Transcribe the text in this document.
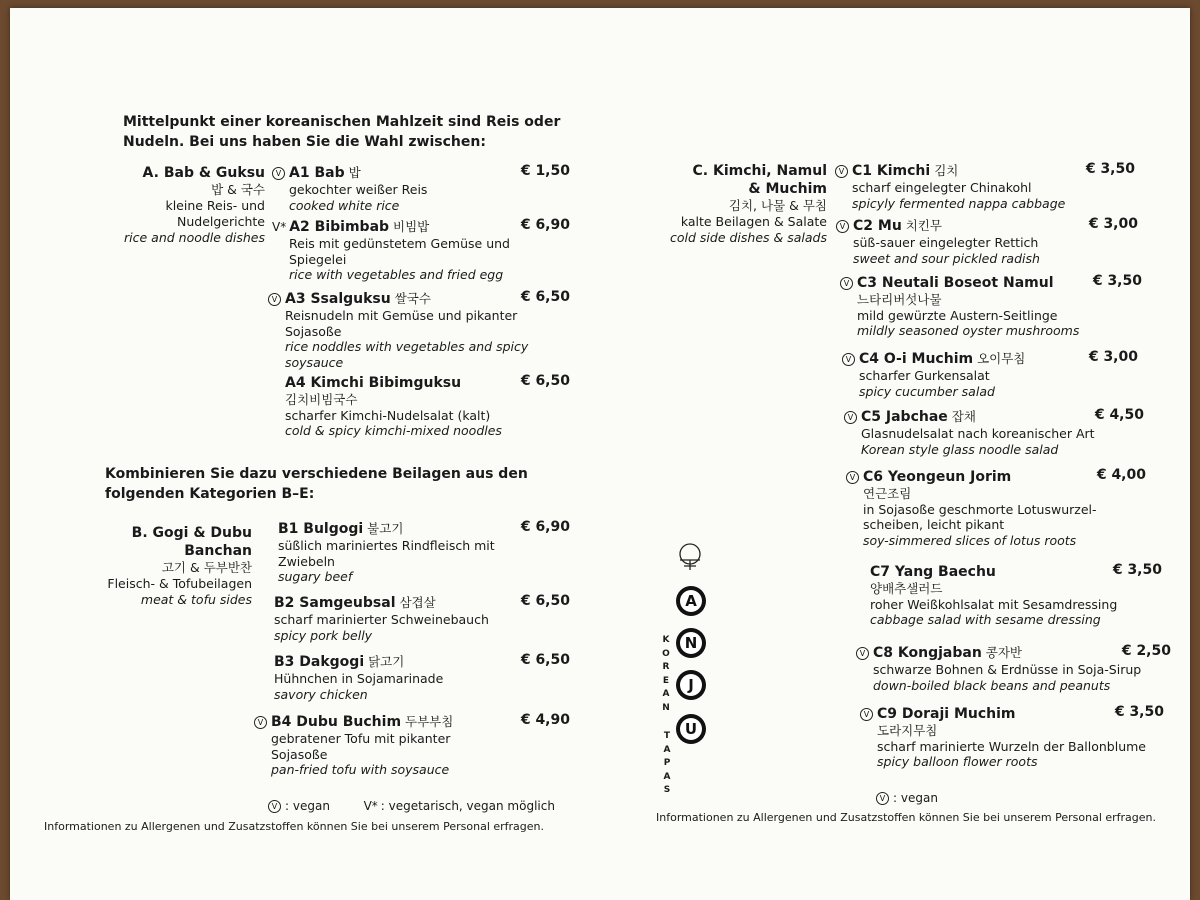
Mittelpunkt einer koreanischen Mahlzeit sind Reis oder
Nudeln. Bei uns haben Sie die Wahl zwischen:
A. Bab & Guksu
밥 & 국수
kleine Reis- und
Nudelgerichte
rice and noodle dishes
V A1 Bab 밥	€ 1,50
gekochter weißer Reis
cooked white rice
V* A2 Bibimbab 비빔밥	€ 6,90
Reis mit gedünstetem Gemüse und
Spiegelei
rice with vegetables and fried egg
V A3 Ssalguksu 쌀국수	€ 6,50
Reisnudeln mit Gemüse und pikanter
Sojasoße
rice noddles with vegetables and spicy
soysauce
A4 Kimchi Bibimguksu	€ 6,50
김치비빔국수
scharfer Kimchi-Nudelsalat (kalt)
cold & spicy kimchi-mixed noodles
Kombinieren Sie dazu verschiedene Beilagen aus den
folgenden Kategorien B–E:
B. Gogi & Dubu
Banchan
고기 & 두부반찬
Fleisch- & Tofubeilagen
meat & tofu sides
B1 Bulgogi 불고기	€ 6,90
süßlich mariniertes Rindfleisch mit
Zwiebeln
sugary beef
B2 Samgeubsal 삼겹살	€ 6,50
scharf marinierter Schweinebauch
spicy pork belly
B3 Dakgogi 닭고기	€ 6,50
Hühnchen in Sojamarinade
savory chicken
V B4 Dubu Buchim 두부부침	€ 4,90
gebratener Tofu mit pikanter
Sojasoße
pan-fried tofu with soysauce
V : vegan	V* : vegetarisch, vegan möglich
Informationen zu Allergenen und Zusatzstoffen können Sie bei unserem Personal erfragen.
A
N
J
U
K
O
R
E
A
N
T
A
P
A
S
C. Kimchi, Namul
& Muchim
김치, 나물 & 무침
kalte Beilagen & Salate
cold side dishes & salads
V C1 Kimchi 김치	€ 3,50
scharf eingelegter Chinakohl
spicyly fermented nappa cabbage
V C2 Mu 치킨무	€ 3,00
süß-sauer eingelegter Rettich
sweet and sour pickled radish
V C3 Neutali Boseot Namul	€ 3,50
느타리버섯나물
mild gewürzte Austern-Seitlinge
mildly seasoned oyster mushrooms
V C4 O-i Muchim 오이무침	€ 3,00
scharfer Gurkensalat
spicy cucumber salad
V C5 Jabchae 잡채	€ 4,50
Glasnudelsalat nach koreanischer Art
Korean style glass noodle salad
V C6 Yeongeun Jorim	€ 4,00
연근조림
in Sojasoße geschmorte Lotuswurzel-
scheiben, leicht pikant
soy-simmered slices of lotus roots
C7 Yang Baechu	€ 3,50
양배추샐러드
roher Weißkohlsalat mit Sesamdressing
cabbage salad with sesame dressing
V C8 Kongjaban 콩자반	€ 2,50
schwarze Bohnen & Erdnüsse in Soja-Sirup
down-boiled black beans and peanuts
V C9 Doraji Muchim	€ 3,50
도라지무침
scharf marinierte Wurzeln der Ballonblume
spicy balloon flower roots
V : vegan
Informationen zu Allergenen und Zusatzstoffen können Sie bei unserem Personal erfragen.
